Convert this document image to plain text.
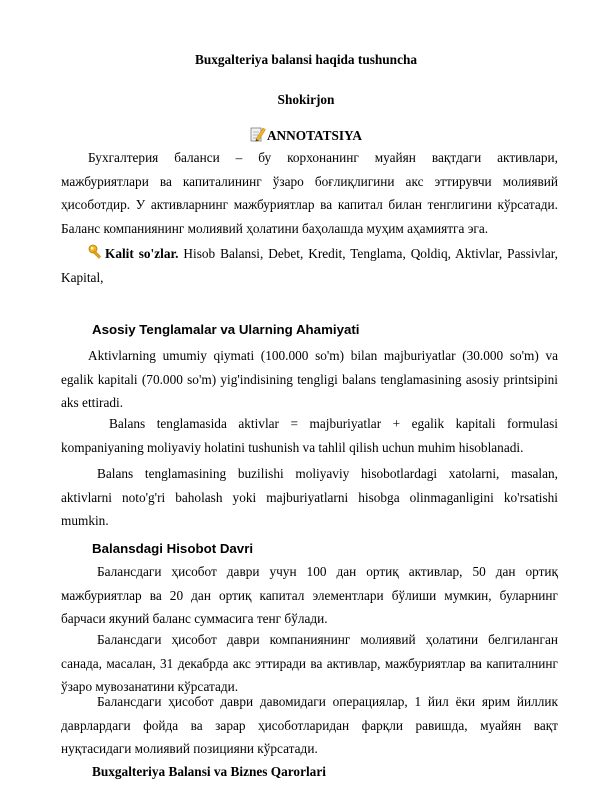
Buxgalteriya balansi haqida tushuncha

Shokirjon

ANNOTATSIYA

Бухгалтерия баланси – бу корхонанинг муайян вақтдаги активлари, мажбуриятлари ва капиталининг ўзаро боғлиқлигини акс эттирувчи молиявий ҳисоботдир. У активларнинг мажбуриятлар ва капитал билан тенглигини кўрсатади. Баланс компаниянинг молиявий ҳолатини баҳолашда муҳим аҳамиятга эга.

Kalit so'zlar. Hisob Balansi, Debet, Kredit, Tenglama, Qoldiq, Aktivlar, Passivlar, Kapital,

Asosiy Tenglamalar va Ularning Ahamiyati

Aktivlarning umumiy qiymati (100.000 so'm) bilan majburiyatlar (30.000 so'm) va egalik kapitali (70.000 so'm) yig'indisining tengligi balans tenglamasining asosiy printsipini aks ettiradi.

Balans tenglamasida aktivlar = majburiyatlar + egalik kapitali formulasi kompaniyaning moliyaviy holatini tushunish va tahlil qilish uchun muhim hisoblanadi.

Balans tenglamasining buzilishi moliyaviy hisobotlardagi xatolarni, masalan, aktivlarni noto'g'ri baholash yoki majburiyatlarni hisobga olinmaganligini ko'rsatishi mumkin.

Balansdagi Hisobot Davri

Балансдаги ҳисобот даври учун 100 дан ортиқ активлар, 50 дан ортиқ мажбуриятлар ва 20 дан ортиқ капитал элементлари бўлиши мумкин, буларнинг барчаси якуний баланс суммасига тенг бўлади.

Балансдаги ҳисобот даври компаниянинг молиявий ҳолатини белгиланган санада, масалан, 31 декабрда акс эттиради ва активлар, мажбуриятлар ва капиталнинг ўзаро мувозанатини кўрсатади.

Балансдаги ҳисобот даври давомидаги операциялар, 1 йил ёки ярим йиллик даврлардаги фойда ва зарар ҳисоботларидан фарқли равишда, муайян вақт нуқтасидаги молиявий позицияни кўрсатади.

Buxgalteriya Balansi va Biznes Qarorlari
